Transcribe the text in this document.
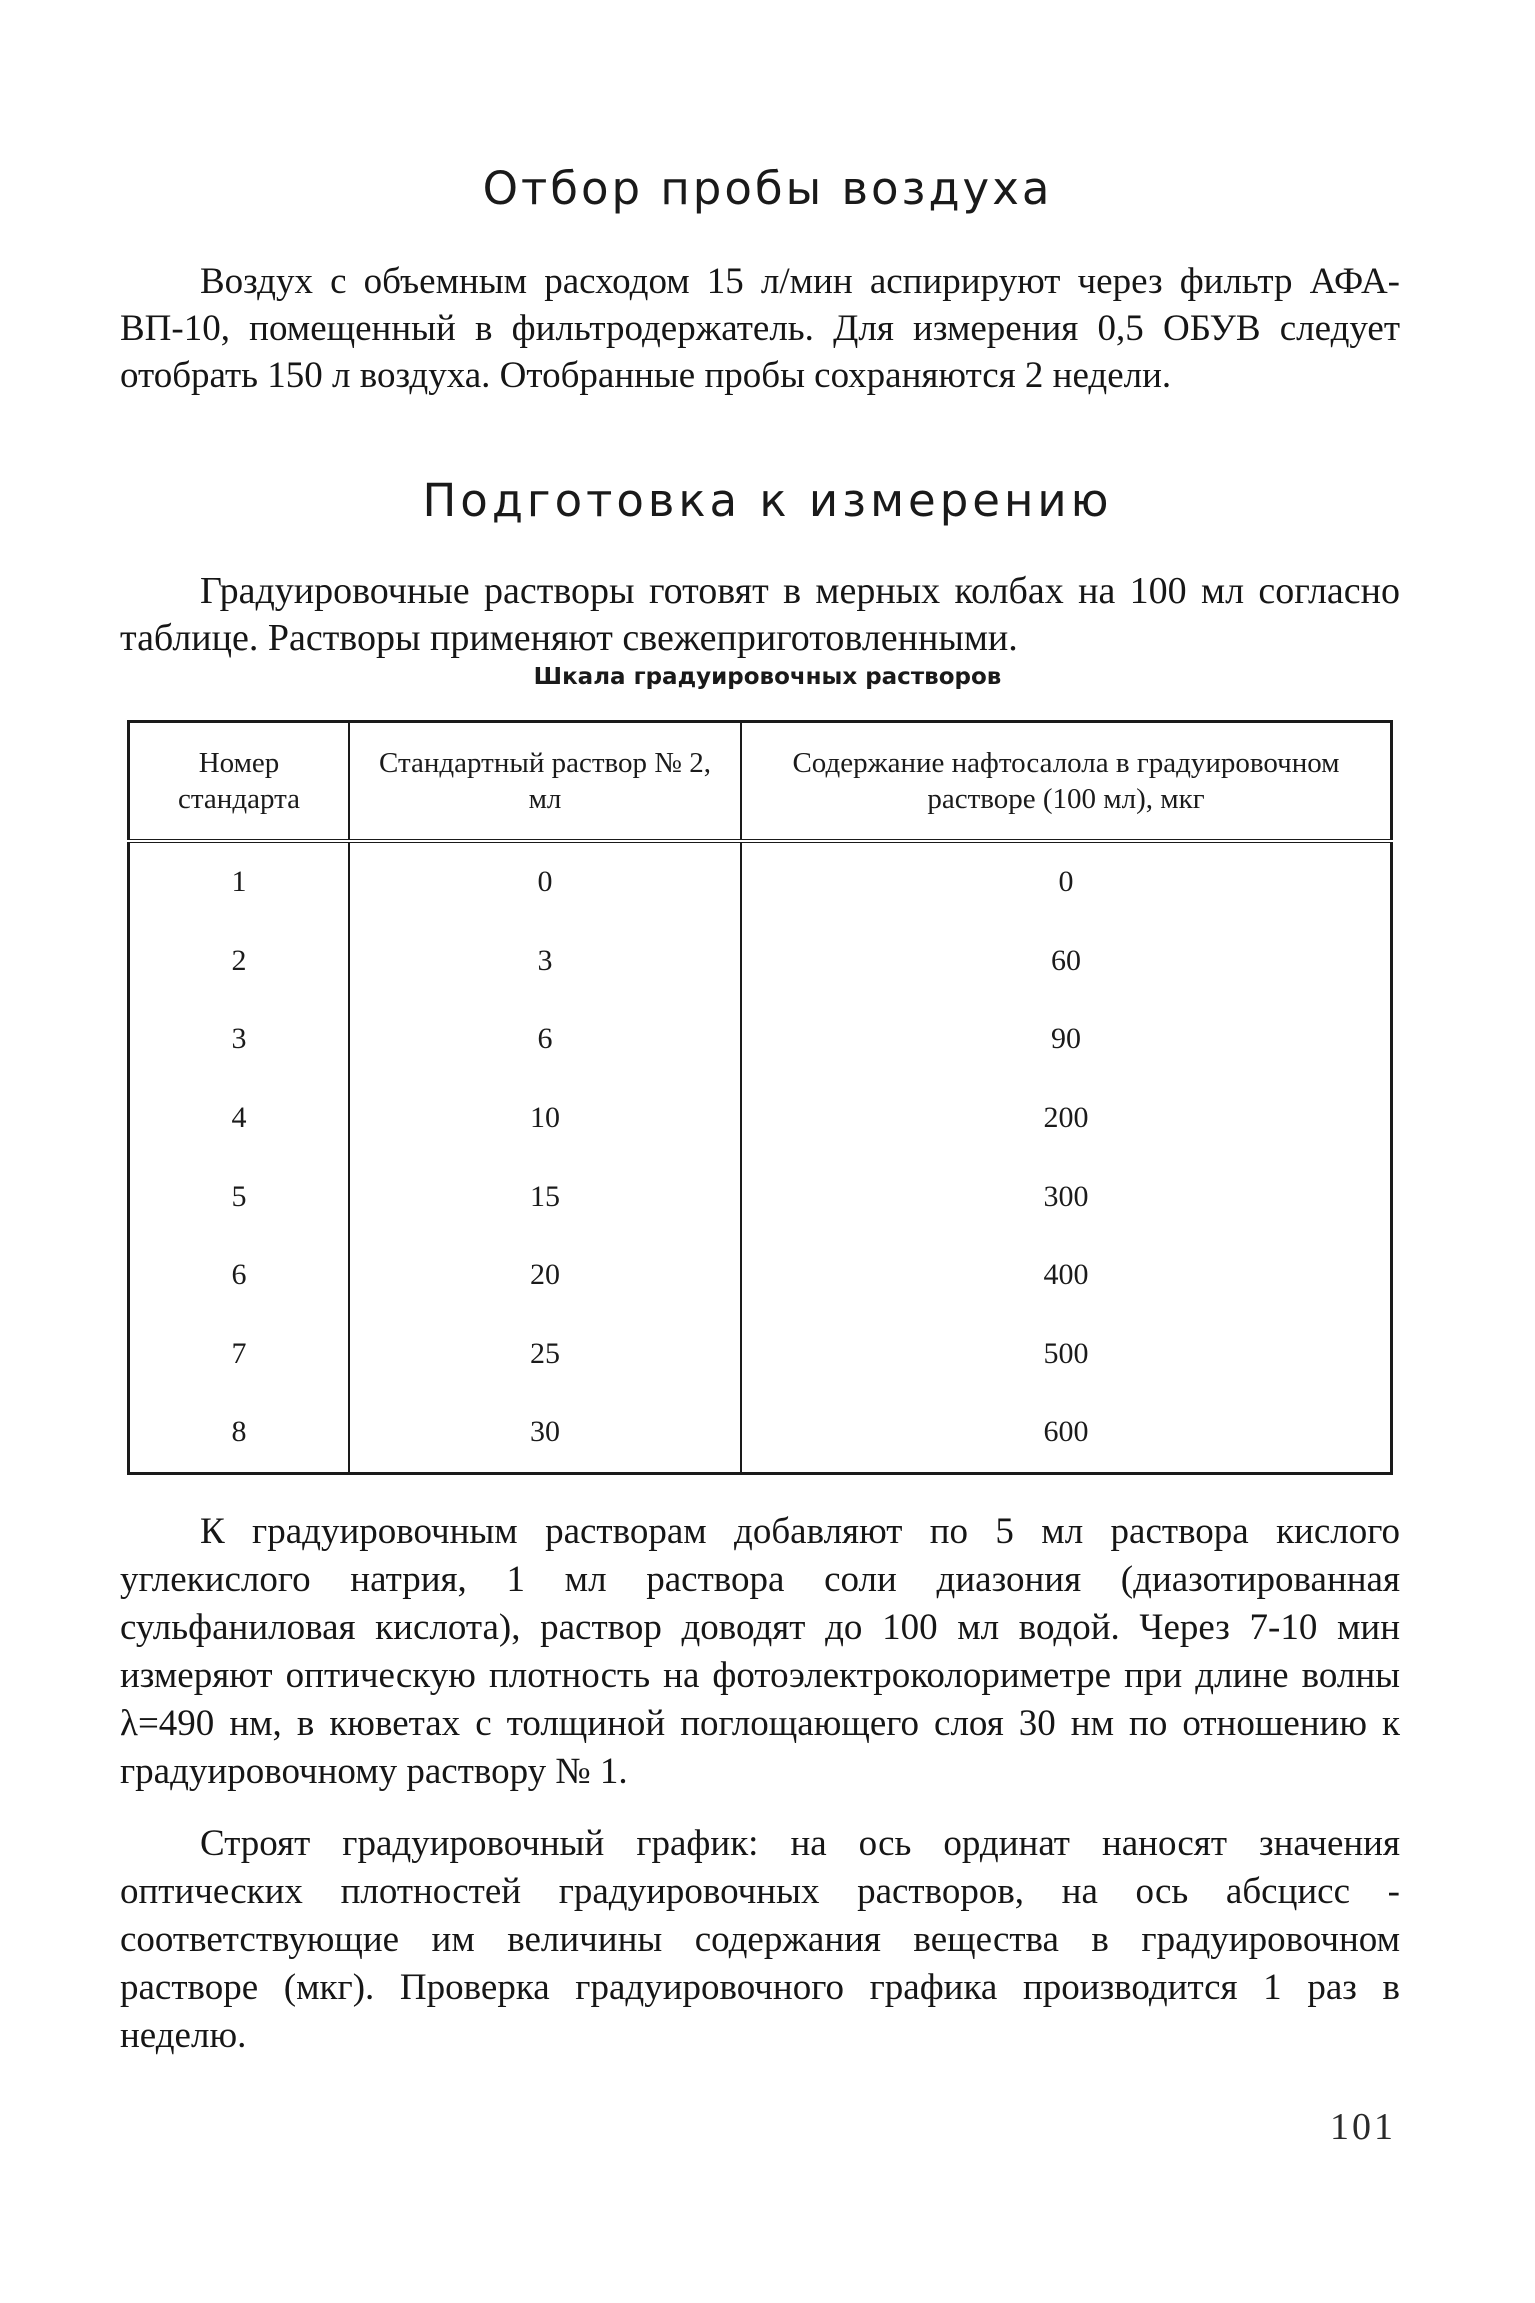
Отбор пробы воздуха

Воздух с объемным расходом 15 л/мин аспирируют через фильтр АФА-ВП-10, помещенный в фильтродержатель. Для измерения 0,5 ОБУВ следует отобрать 150 л воздуха. Отобранные пробы сохраняются 2 недели.

Подготовка к измерению

Градуировочные растворы готовят в мерных колбах на 100 мл согласно таблице. Растворы применяют свежеприготовленными.

Шкала градуировочных растворов
Номер стандарта	Стандартный раствор № 2, мл	Содержание нафтосалола в градуировочном растворе (100 мл), мкг
1	0	0
2	3	60
3	6	90
4	10	200
5	15	300
6	20	400
7	25	500
8	30	600

К градуировочным растворам добавляют по 5 мл раствора кислого углекислого натрия, 1 мл раствора соли диазония (диазотированная сульфаниловая кислота), раствор доводят до 100 мл водой. Через 7-10 мин измеряют оптическую плотность на фотоэлектроколориметре при длине волны λ=490 нм, в кюветах с толщиной поглощающего слоя 30 нм по отношению к градуировочному раствору № 1.

Строят градуировочный график: на ось ординат наносят значения оптических плотностей градуировочных растворов, на ось абсцисс - соответствующие им величины содержания вещества в градуировочном растворе (мкг). Проверка градуировочного графика производится 1 раз в неделю.

101
